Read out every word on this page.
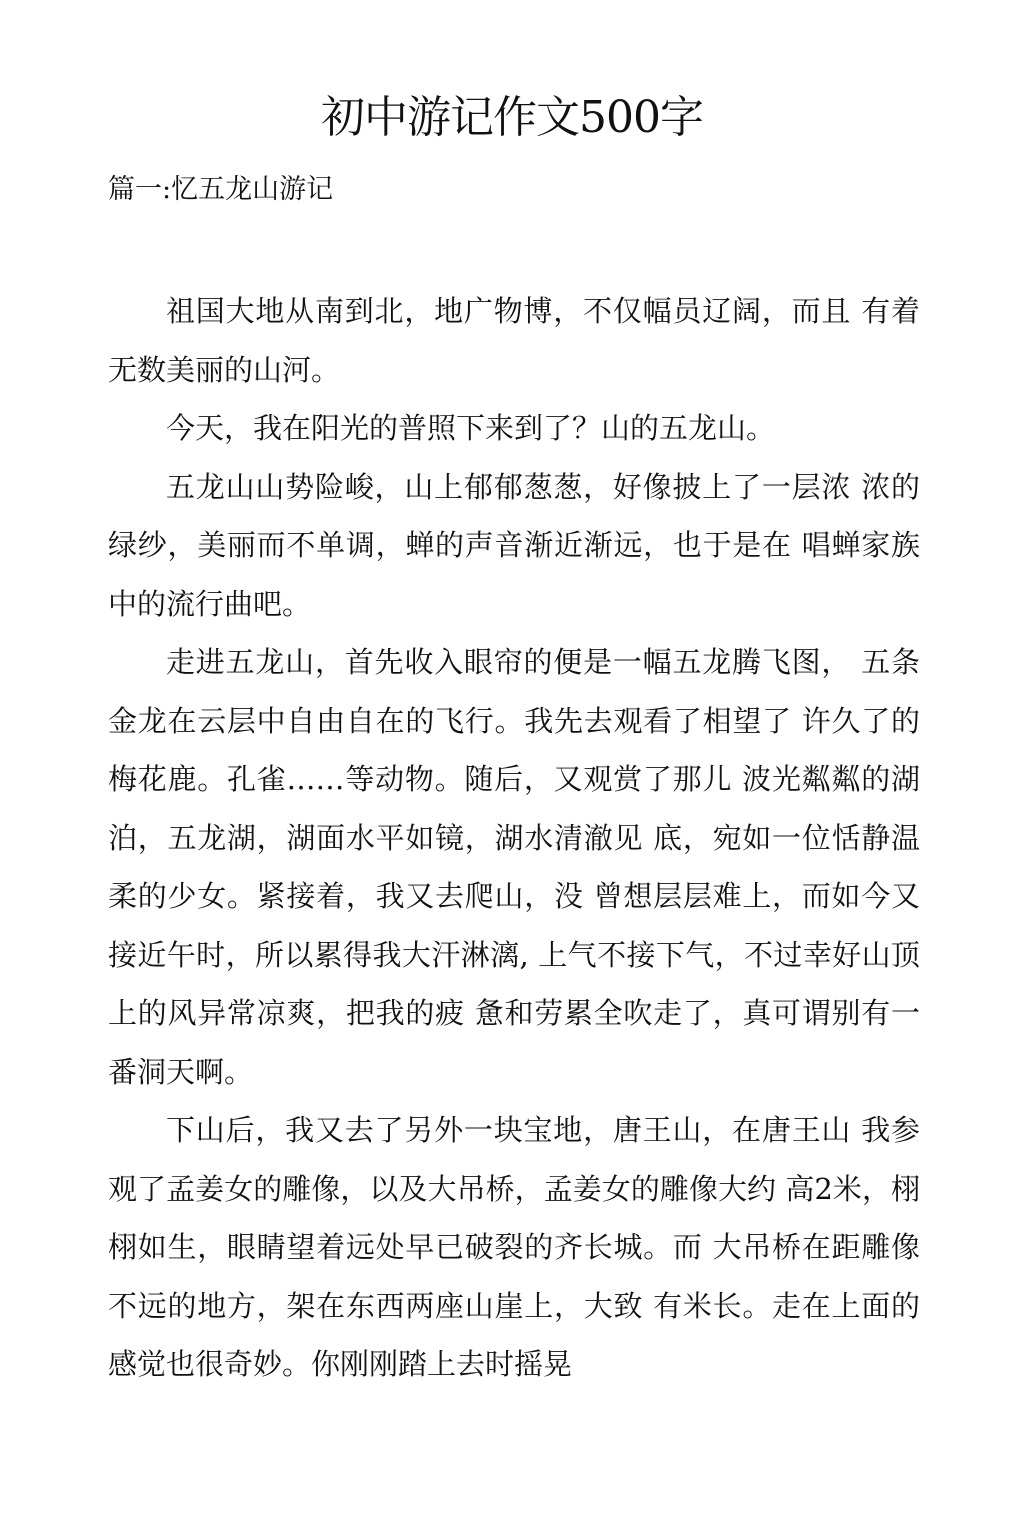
初中游记作文500字
篇一:忆五龙山游记

祖国大地从南到北，地广物博，不仅幅员辽阔，而且 有着无数美丽的山河。

今天，我在阳光的普照下来到了？山的五龙山。

五龙山山势险峻，山上郁郁葱葱，好像披上了一层浓 浓的绿纱，美丽而不单调，蝉的声音渐近渐远，也于是在 唱蝉家族中的流行曲吧。

走进五龙山，首先收入眼帘的便是一幅五龙腾飞图， 五条金龙在云层中自由自在的飞行。我先去观看了相望了 许久了的梅花鹿。孔雀……等动物。随后，又观赏了那儿 波光粼粼的湖泊，五龙湖，湖面水平如镜，湖水清澈见 底，宛如一位恬静温柔的少女。紧接着，我又去爬山，没 曾想层层难上，而如今又接近午时，所以累得我大汗淋漓, 上气不接下气，不过幸好山顶上的风异常凉爽，把我的疲 惫和劳累全吹走了，真可谓别有一番洞天啊。

下山后，我又去了另外一块宝地，唐王山，在唐王山 我参观了孟姜女的雕像，以及大吊桥，孟姜女的雕像大约 高2米，栩栩如生，眼睛望着远处早已破裂的齐长城。而 大吊桥在距雕像不远的地方，架在东西两座山崖上，大致 有米长。走在上面的感觉也很奇妙。你刚刚踏上去时摇晃
